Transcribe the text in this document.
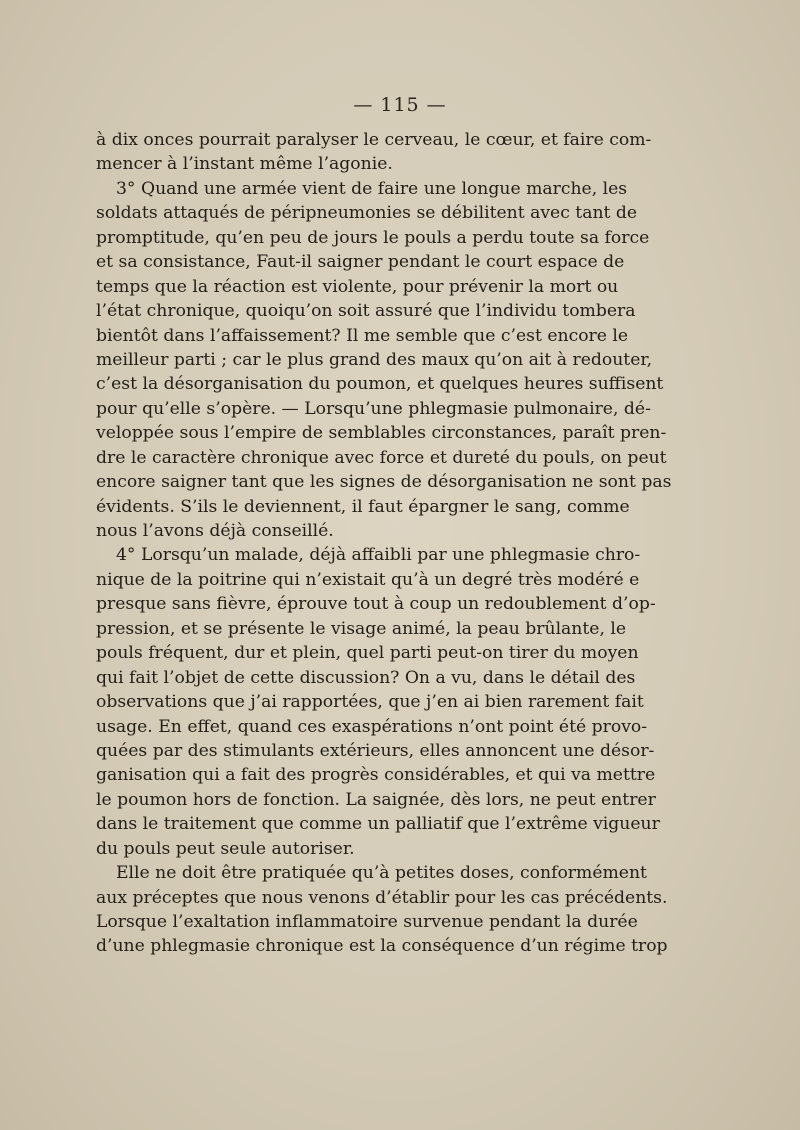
— 115 —
à dix onces pourrait paralyser le cerveau, le cœur, et faire com-
mencer à l’instant même l’agonie.
3° Quand une armée vient de faire une longue marche, les
soldats attaqués de péripneumonies se débilitent avec tant de
promptitude, qu’en peu de jours le pouls a perdu toute sa force
et sa consistance, Faut-il saigner pendant le court espace de
temps que la réaction est violente, pour prévenir la mort ou
l’état chronique, quoiqu’on soit assuré que l’individu tombera
bientôt dans l’affaissement? Il me semble que c’est encore le
meilleur parti ; car le plus grand des maux qu’on ait à redouter,
c’est la désorganisation du poumon, et quelques heures suffisent
pour qu’elle s’opère. — Lorsqu’une phlegmasie pulmonaire, dé-
veloppée sous l’empire de semblables circonstances, paraît pren-
dre le caractère chronique avec force et dureté du pouls, on peut
encore saigner tant que les signes de désorganisation ne sont pas
évidents. S’ils le deviennent, il faut épargner le sang, comme
nous l’avons déjà conseillé.
4° Lorsqu’un malade, déjà affaibli par une phlegmasie chro-
nique de la poitrine qui n’existait qu’à un degré très modéré e
presque sans fièvre, éprouve tout à coup un redoublement d’op-
pression, et se présente le visage animé, la peau brûlante, le
pouls fréquent, dur et plein, quel parti peut-on tirer du moyen
qui fait l’objet de cette discussion? On a vu, dans le détail des
observations que j’ai rapportées, que j’en ai bien rarement fait
usage. En effet, quand ces exaspérations n’ont point été provo-
quées par des stimulants extérieurs, elles annoncent une désor-
ganisation qui a fait des progrès considérables, et qui va mettre
le poumon hors de fonction. La saignée, dès lors, ne peut entrer
dans le traitement que comme un palliatif que l’extrême vigueur
du pouls peut seule autoriser.
Elle ne doit être pratiquée qu’à petites doses, conformément
aux préceptes que nous venons d’établir pour les cas précédents.
Lorsque l’exaltation inflammatoire survenue pendant la durée
d’une phlegmasie chronique est la conséquence d’un régime trop
